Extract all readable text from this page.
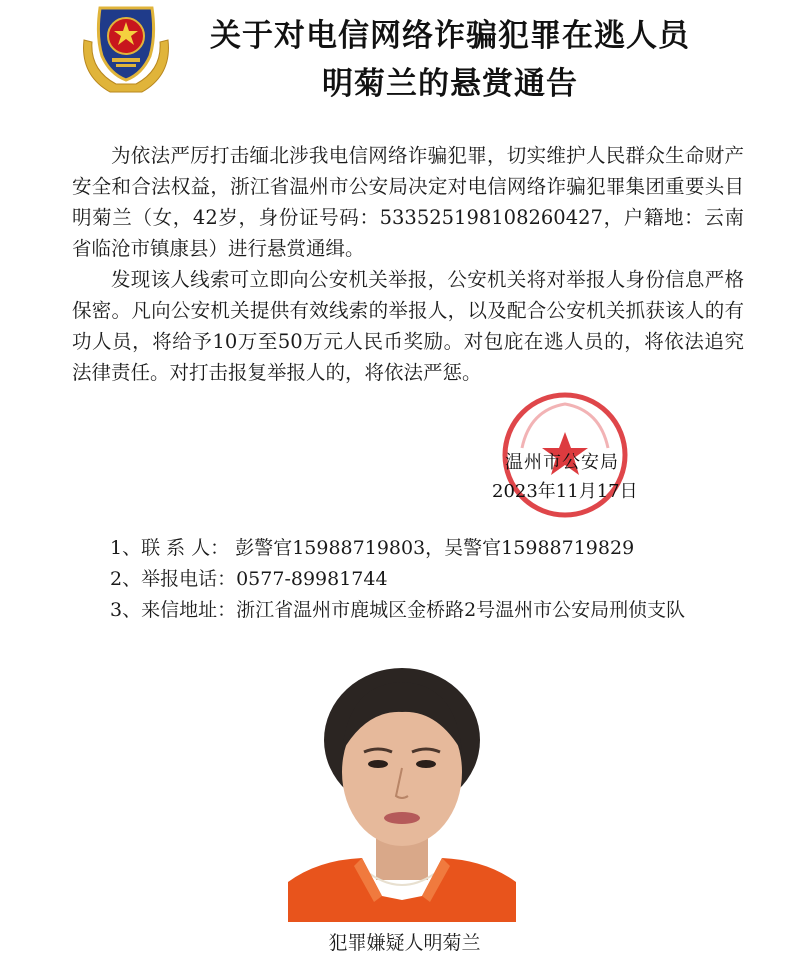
关于对电信网络诈骗犯罪在逃人员
明菊兰的悬赏通告

为依法严厉打击缅北涉我电信网络诈骗犯罪，切实维护人民群众生命财产安全和合法权益，浙江省温州市公安局决定对电信网络诈骗犯罪集团重要头目明菊兰（女，42岁，身份证号码：533525198108260427，户籍地：云南省临沧市镇康县）进行悬赏通缉。

发现该人线索可立即向公安机关举报，公安机关将对举报人身份信息严格保密。凡向公安机关提供有效线索的举报人，以及配合公安机关抓获该人的有功人员，将给予10万至50万元人民币奖励。对包庇在逃人员的，将依法追究法律责任。对打击报复举报人的，将依法严惩。

温州市公安局
2023年11月17日
1、联 系 人： 彭警官15988719803，吴警官15988719829
2、举报电话：0577-89981744
3、来信地址：浙江省温州市鹿城区金桥路2号温州市公安局刑侦支队
犯罪嫌疑人明菊兰
